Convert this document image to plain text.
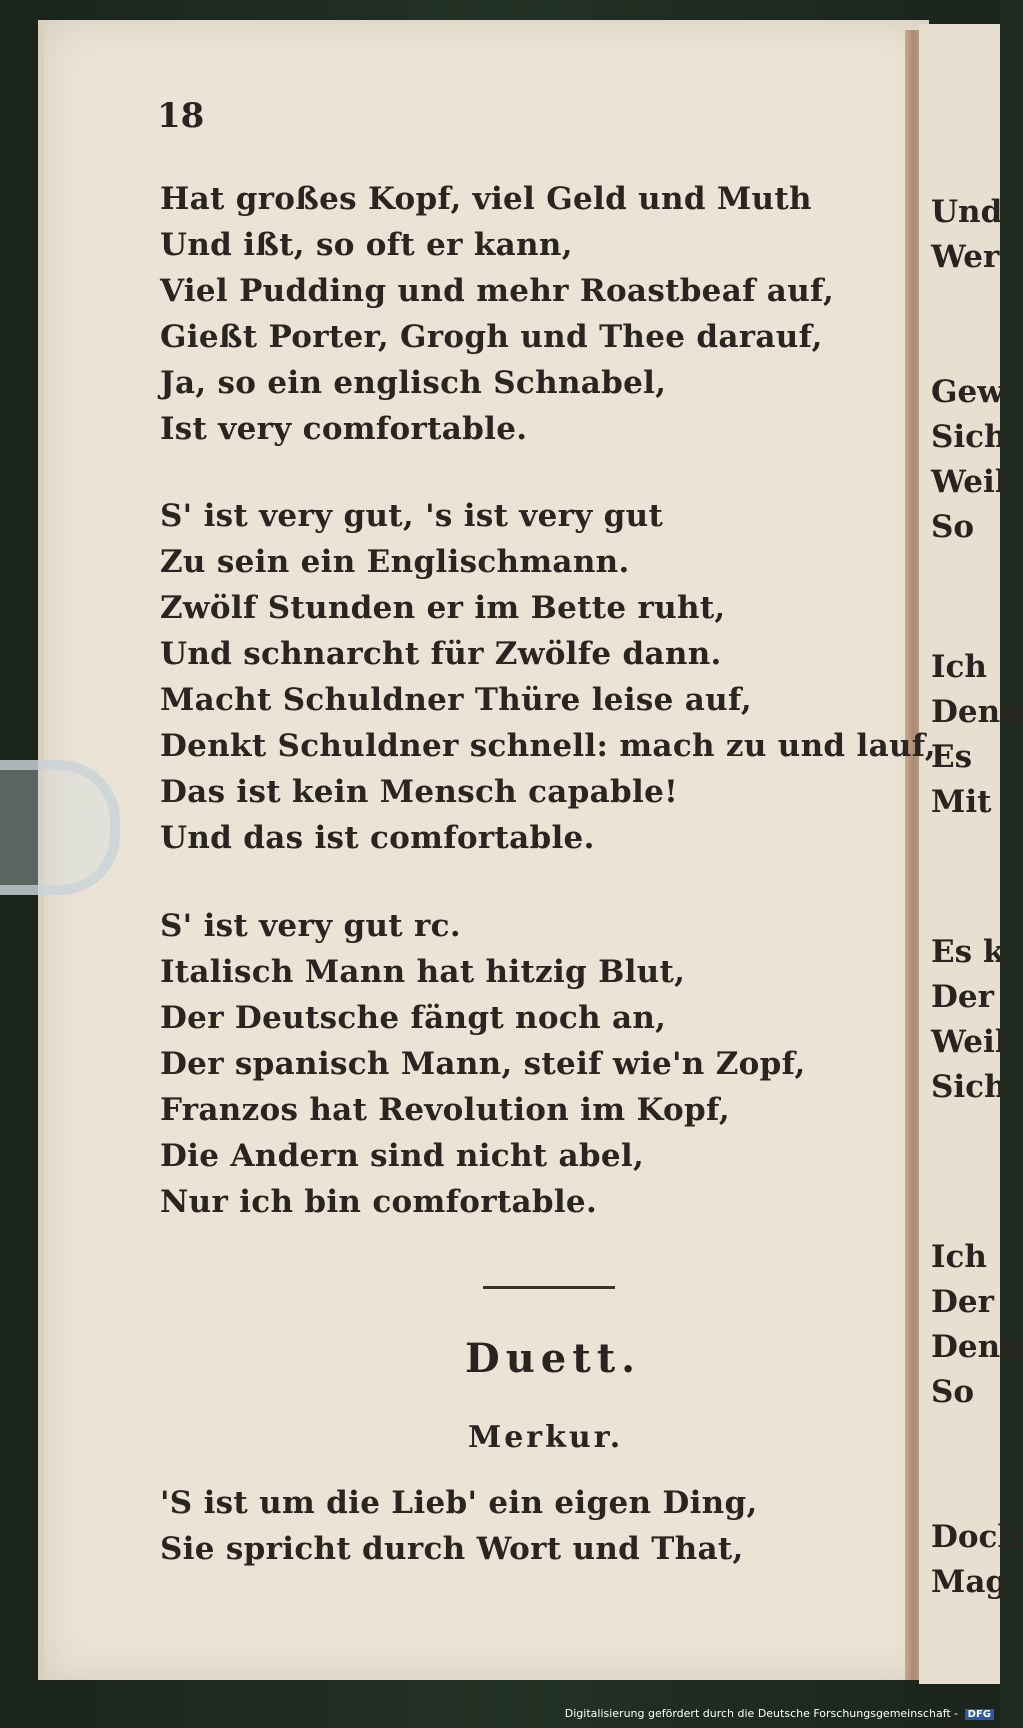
Und
Wer
Gew
Sich
Weil
So
Ich
Denn
Es
Mit
Es k
Der
Weil
Sich
Ich
Der
Denn
So
Doch
Mag
18
Hat großes Kopf, viel Geld und Muth
Und ißt, so oft er kann,
Viel Pudding und mehr Roastbeaf auf,
Gießt Porter, Grogh und Thee darauf,
Ja, so ein englisch Schnabel,
Ist very comfortable.
S' ist very gut, 's ist very gut
Zu sein ein Englischmann.
Zwölf Stunden er im Bette ruht,
Und schnarcht für Zwölfe dann.
Macht Schuldner Thüre leise auf,
Denkt Schuldner schnell: mach zu und lauf,
Das ist kein Mensch capable!
Und das ist comfortable.
S' ist very gut rc.
Italisch Mann hat hitzig Blut,
Der Deutsche fängt noch an,
Der spanisch Mann, steif wie'n Zopf,
Franzos hat Revolution im Kopf,
Die Andern sind nicht abel,
Nur ich bin comfortable.
Duett.
Merkur.
'S ist um die Lieb' ein eigen Ding,
Sie spricht durch Wort und That,
Digitalisierung gefördert durch die Deutsche Forschungsgemeinschaft - DFG
